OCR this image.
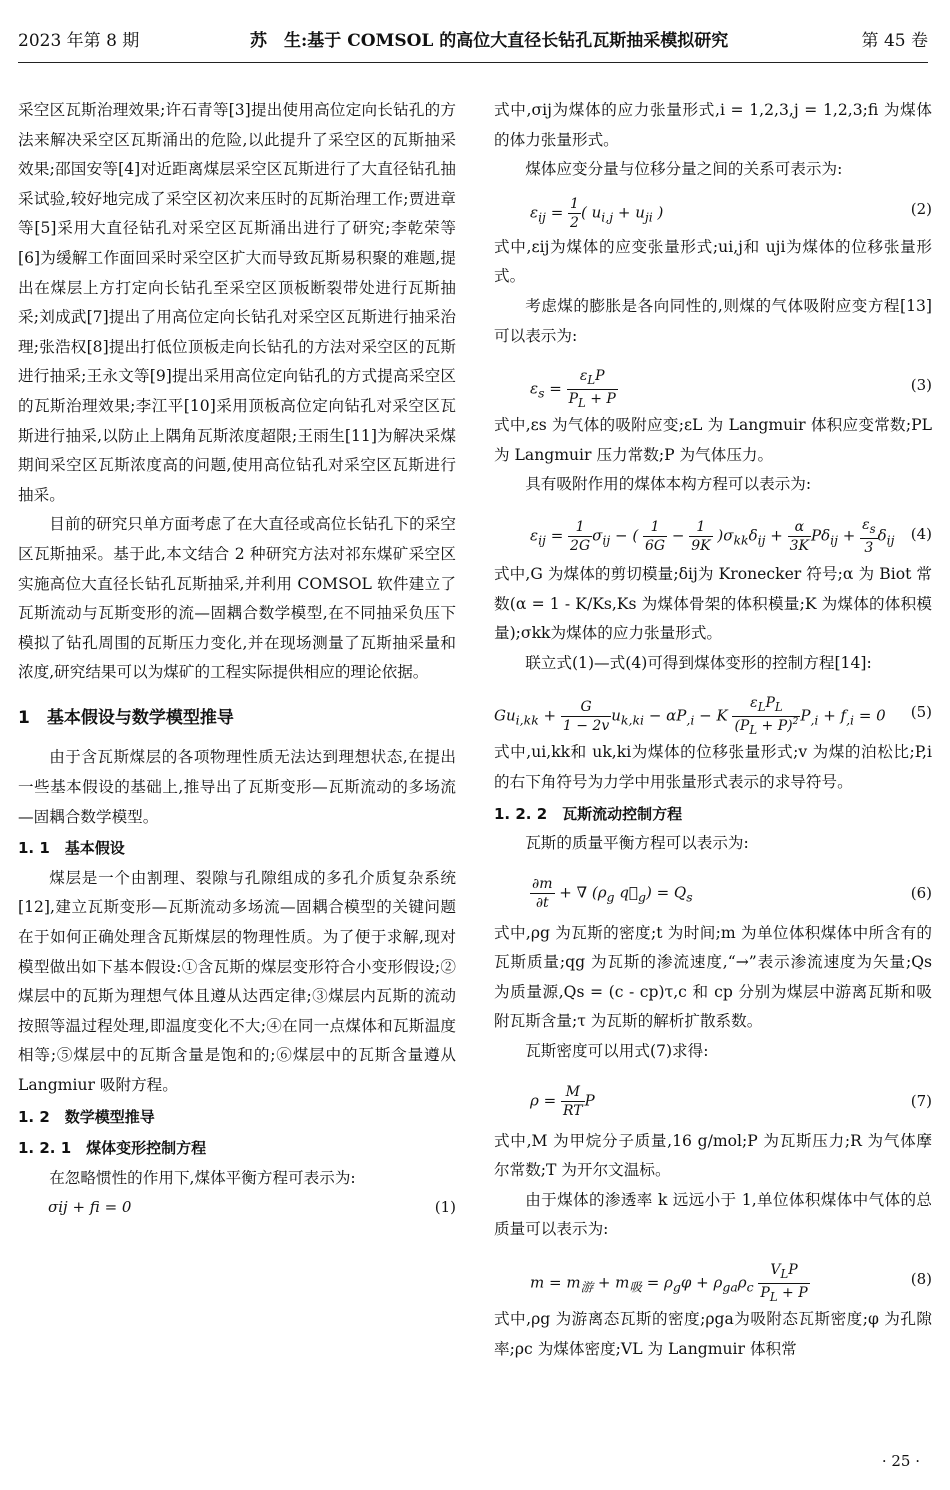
2023 年第 8 期	苏　生:基于 COMSOL 的高位大直径长钻孔瓦斯抽采模拟研究	第 45 卷

采空区瓦斯治理效果;许石青等[3]提出使用高位定向长钻孔的方法来解决采空区瓦斯涌出的危险,以此提升了采空区的瓦斯抽采效果;邵国安等[4]对近距离煤层采空区瓦斯进行了大直径钻孔抽采试验,较好地完成了采空区初次来压时的瓦斯治理工作;贾进章等[5]采用大直径钻孔对采空区瓦斯涌出进行了研究;李乾荣等[6]为缓解工作面回采时采空区扩大而导致瓦斯易积聚的难题,提出在煤层上方打定向长钻孔至采空区顶板断裂带处进行瓦斯抽采;刘成武[7]提出了用高位定向长钻孔对采空区瓦斯进行抽采治理;张浩权[8]提出打低位顶板走向长钻孔的方法对采空区的瓦斯进行抽采;王永文等[9]提出采用高位定向钻孔的方式提高采空区的瓦斯治理效果;李江平[10]采用顶板高位定向钻孔对采空区瓦斯进行抽采,以防止上隅角瓦斯浓度超限;王雨生[11]为解决采煤期间采空区瓦斯浓度高的问题,使用高位钻孔对采空区瓦斯进行抽采。

目前的研究只单方面考虑了在大直径或高位长钻孔下的采空区瓦斯抽采。基于此,本文结合 2 种研究方法对祁东煤矿采空区实施高位大直径长钻孔瓦斯抽采,并利用 COMSOL 软件建立了瓦斯流动与瓦斯变形的流—固耦合数学模型,在不同抽采负压下模拟了钻孔周围的瓦斯压力变化,并在现场测量了瓦斯抽采量和浓度,研究结果可以为煤矿的工程实际提供相应的理论依据。

1　基本假设与数学模型推导

由于含瓦斯煤层的各项物理性质无法达到理想状态,在提出一些基本假设的基础上,推导出了瓦斯变形—瓦斯流动的多场流—固耦合数学模型。

1. 1　基本假设

煤层是一个由割理、裂隙与孔隙组成的多孔介质复杂系统[12],建立瓦斯变形—瓦斯流动多场流—固耦合模型的关键问题在于如何正确处理含瓦斯煤层的物理性质。为了便于求解,现对模型做出如下基本假设:①含瓦斯的煤层变形符合小变形假设;②煤层中的瓦斯为理想气体且遵从达西定律;③煤层内瓦斯的流动按照等温过程处理,即温度变化不大;④在同一点煤体和瓦斯温度相等;⑤煤层中的瓦斯含量是饱和的;⑥煤层中的瓦斯含量遵从 Langmiur 吸附方程。

1. 2　数学模型推导
1. 2. 1　煤体变形控制方程

在忽略惯性的作用下,煤体平衡方程可表示为:

σij + fi = 0	(1)

式中,σij为煤体的应力张量形式,i = 1,2,3,j = 1,2,3;fi 为煤体的体力张量形式。

煤体应变分量与位移分量之间的关系可表示为:

$\varepsilon_{ij} = \frac{1}{2}$ ( $u_{i,j} + u_{ji}$ )	(2)

式中,εij为煤体的应变张量形式;ui,j和 uji为煤体的位移张量形式。

考虑煤的膨胀是各向同性的,则煤的气体吸附应变方程[13]可以表示为:

$\varepsilon_s = \frac{\varepsilon_LP}{P_L + P}$	(3)

式中,εs 为气体的吸附应变;εL 为 Langmuir 体积应变常数;PL 为 Langmuir 压力常数;P 为气体压力。

具有吸附作用的煤体本构方程可以表示为:

$\varepsilon_{ij} = \frac{1}{2G} \sigma_{ij}$ − ( $\frac{1}{6G} - \frac{1}{9K} )\sigma_{kk}\delta_{ij} + \frac{\alpha}{3K} P\delta_{ij} + \frac{\varepsilon_s}{3} \delta_{ij}$ (4)

式中,G 为煤体的剪切模量;δij为 Kronecker 符号;α 为 Biot 常数(α = 1 - K/Ks,Ks 为煤体骨架的体积模量;K 为煤体的体积模量);σkk为煤体的应力张量形式。

联立式(1)—式(4)可得到煤体变形的控制方程[14]:

$Gu_{i,kk} + \frac{G}{1 - 2v} u_{k,ki} - \alpha P_{,i} - K \frac{\varepsilon_LP_L}{(P_L + P)^2} P_{,i} + f_{,i} = 0$ (5)

式中,ui,kk和 uk,ki为煤体的位移张量形式;v 为煤的泊松比;P,i的右下角符号为力学中用张量形式表示的求导符号。

1. 2. 2　瓦斯流动控制方程

瓦斯的质量平衡方程可以表示为:

$\frac{\partial m}{\partial t}$ + ∇ ($\rho_g$ $q⃗_g) = Q_s$	(6)

式中,ρg 为瓦斯的密度;t 为时间;m 为单位体积煤体中所含有的瓦斯质量;qg 为瓦斯的渗流速度,“→”表示渗流速度为矢量;Qs 为质量源,Qs = (c - cp)τ,c 和 cp 分别为煤层中游离瓦斯和吸附瓦斯含量;τ 为瓦斯的解析扩散系数。

瓦斯密度可以用式(7)求得:

$\rho = \frac{M}{RT}$ P	(7)

式中,M 为甲烷分子质量,16 g/mol;P 为瓦斯压力;R 为气体摩尔常数;T 为开尔文温标。

由于煤体的渗透率 k 远远小于 1,单位体积煤体中气体的总质量可以表示为:

$m = m_游 + m_吸 = \rho_g\varphi + \rho_{ga}\rho_c \frac{V_LP}{P_L + P}$	(8)

式中,ρg 为游离态瓦斯的密度;ρga为吸附态瓦斯密度;φ 为孔隙率;ρc 为煤体密度;VL 为 Langmuir 体积常

· 25 ·
